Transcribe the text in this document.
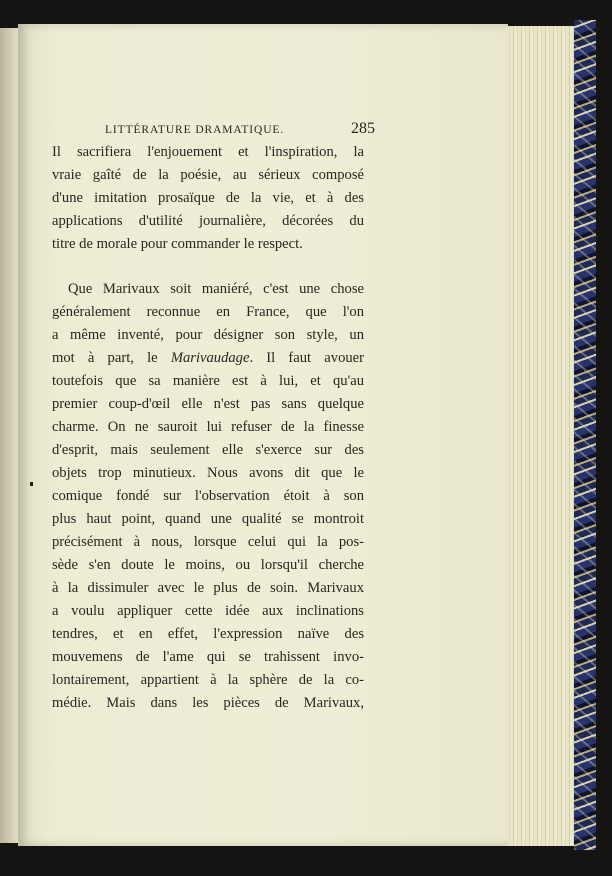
LITTÉRATURE DRAMATIQUE.	285
Il sacrifiera l'enjouement et l'inspiration, la
vraie gaîté de la poésie, au sérieux composé
d'une imitation prosaïque de la vie, et à des
applications d'utilité journalière, décorées du
titre de morale pour commander le respect.
Que Marivaux soit maniéré, c'est une chose
généralement reconnue en France, que l'on
a même inventé, pour désigner son style, un
mot à part, le Marivaudage. Il faut avouer
toutefois que sa manière est à lui, et qu'au
premier coup-d'œil elle n'est pas sans quelque
charme. On ne sauroit lui refuser de la finesse
d'esprit, mais seulement elle s'exerce sur des
objets trop minutieux. Nous avons dit que le
comique fondé sur l'observation étoit à son
plus haut point, quand une qualité se montroit
précisément à nous, lorsque celui qui la pos-
sède s'en doute le moins, ou lorsqu'il cherche
à la dissimuler avec le plus de soin. Marivaux
a voulu appliquer cette idée aux inclinations
tendres, et en effet, l'expression naïve des
mouvemens de l'ame qui se trahissent invo-
lontairement, appartient à la sphère de la co-
médie. Mais dans les pièces de Marivaux,
